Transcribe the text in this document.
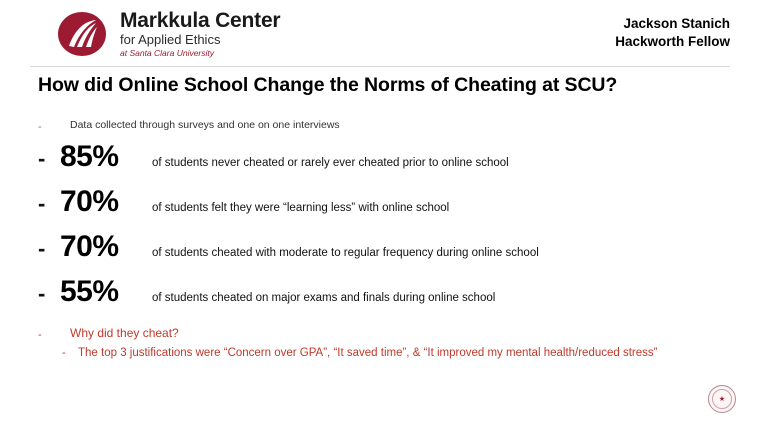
Markkula Center
for Applied Ethics
at Santa Clara University
Jackson Stanich
Hackworth Fellow
How did Online School Change the Norms of Cheating at SCU?
-	Data collected through surveys and one on one interviews
- 85%	of students never cheated or rarely ever cheated prior to online school
- 70%	of students felt they were “learning less” with online school
- 70%	of students cheated with moderate to regular frequency during online school
- 55%	of students cheated on major exams and finals during online school
- Why did they cheat?
- The top 3 justifications were “Concern over GPA”, “It saved time”, & “It improved my mental health/reduced stress”
★
